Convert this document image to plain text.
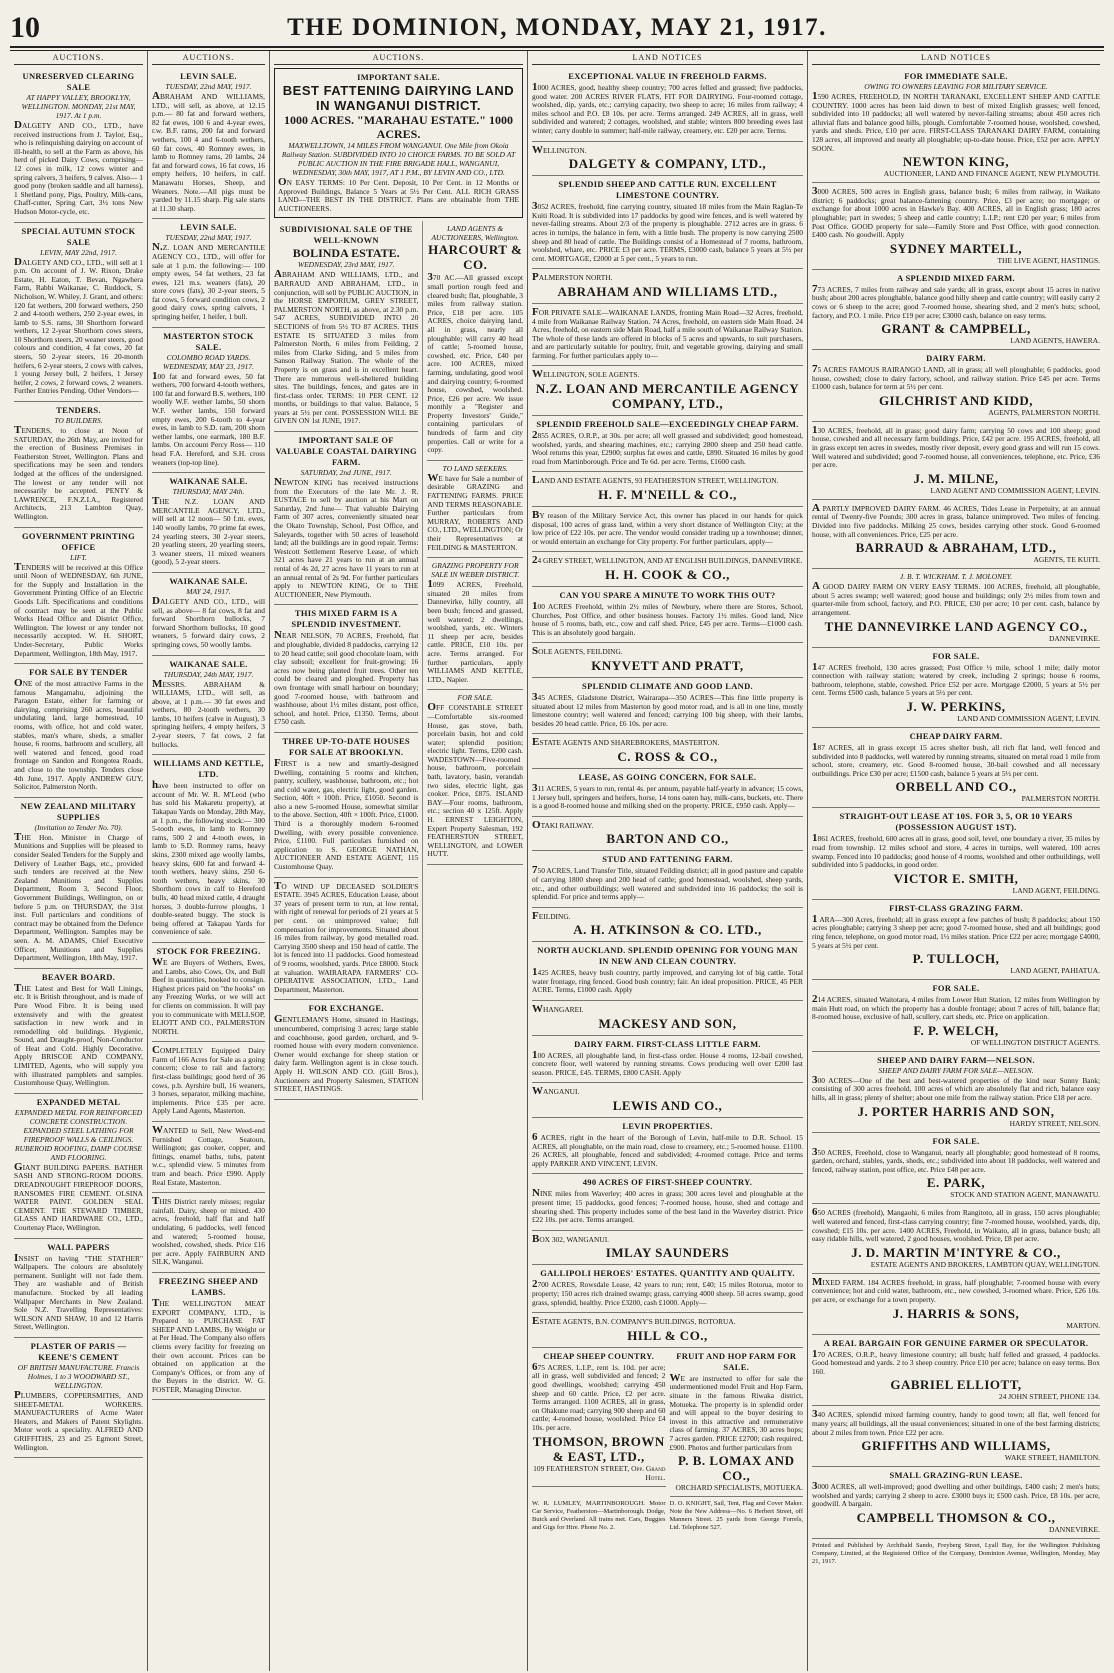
10	THE DOMINION, MONDAY, MAY 21, 1917.
AUCTIONS.
UNRESERVED CLEARING SALE
AT HAPPY VALLEY, BROOKLYN, WELLINGTON. MONDAY, 21st MAY, 1917. At 1 p.m.
DALGETY AND CO., LTD., have received instructions from J. Taylor, Esq., who is relinquishing dairying on account of ill-health, to sell at the Farm as above, his herd of picked Dairy Cows, comprising— 12 cows in milk, 12 cows winter and spring calvers, 3 heifers, 9 calves. Also— 1 good pony (broken saddle and all harness), 1 Shetland pony, Pigs, Poultry, Milk-cans, Chaff-cutter, Spring Cart, 3½ tons New Hudson Motor-cycle, etc.
SPECIAL AUTUMN STOCK SALE
LEVIN, MAY 22nd, 1917.
DALGETY AND CO., LTD., will sell at 1 p.m. On account of J. W. Rixon, Drake Estate, H. Eaton, T. Bevan, Ngawhera Farm, Rabbi Waikanae, C. Ruddock, S. Nicholson, W. Whiley, J. Grant, and others: 120 fat wethers, 200 forward wethers, 250 2 and 4-tooth wethers, 250 2-year ewes, in lamb to S.S. rams, 30 Shorthorn forward wethers, 12 2-year Shorthorn cows steers, 10 Shorthorn steers, 20 weaner steers, good colours and condition, 4 fat cows, 20 fat steers, 50 2-year steers, 16 20-month heifers, 6 2-year steers, 2 cows with calves, 1 young Jersey bull, 2 heifers, 1 Jersey heifer, 2 cows, 2 forward cows, 2 weaners. Further Entries Pending. Other Vendors—
TENDERS.
TO BUILDERS.
TENDERS, to close at Noon of SATURDAY, the 26th May, are invited for the erection of Business Premises in Featherston Street, Wellington. Plans and specifications may be seen and tenders lodged at the offices of the undersigned. The lowest or any tender will not necessarily be accepted. PENTY & LAWRENCE, F.N.Z.I.A., Registered Architects, 213 Lambton Quay, Wellington.
GOVERNMENT PRINTING OFFICE
LIFT.
TENDERS will be received at this Office until Noon of WEDNESDAY, 6th JUNE, for the Supply and Installation in the Government Printing Office of an Electric Goods Lift. Specifications and conditions of contract may be seen at the Public Works Head Office and District Office, Wellington. The lowest or any tender not necessarily accepted. W. H. SHORT, Under-Secretary, Public Works Department, Wellington, 18th May, 1917.
FOR SALE BY TENDER
ONE of the most attractive Farms in the famous Mangamahu, adjoining the Paragon Estate, either for farming or dairying, comprising 260 acres, beautiful undulating land, large homestead, 10 rooms, with office, hot and cold water, stables, man's whare, sheds, a smaller house, 6 rooms, bathroom and scullery, all well watered and fenced, good road frontage on Sandon and Rongotea Roads, and close to the township. Tenders close 4th June, 1917. Apply ANDREW GUY, Solicitor, Palmerston North.
NEW ZEALAND MILITARY SUPPLIES
(Invitation to Tender No. 70).
THE Hon. Minister in Charge of Munitions and Supplies will be pleased to consider Sealed Tenders for the Supply and Delivery of Leather Bags, etc., provided such tenders are received at the New Zealand Munitions and Supplies Department, Room 3, Second Floor, Government Buildings, Wellington, on or before 5 p.m. on THURSDAY, the 31st inst. Full particulars and conditions of contract may be obtained from the Defence Department, Wellington. Samples may be seen. A. M. ADAMS, Chief Executive Officer, Munitions and Supplies Department, Wellington, 18th May, 1917.
BEAVER BOARD.
THE Latest and Best for Wall Linings, etc. It is British throughout, and is made of Pure Wood Fibre. It is being used extensively and with the greatest satisfaction in new work and in remodelling old buildings. Hygienic, Sound, and Draught-proof, Non-Conductor of Heat and Cold. Highly Decorative. Apply BRISCOE AND COMPANY, LIMITED, Agents, who will supply you with illustrated pamphlets and samples. Customhouse Quay, Wellington.
EXPANDED METAL
EXPANDED METAL FOR REINFORCED CONCRETE CONSTRUCTION. EXPANDED STEEL LATHING FOR FIREPROOF WALLS & CEILINGS. RUBEROID ROOFING, DAMP COURSE AND FLOORING.
GIANT BUILDING PAPERS. BATHER SASH AND STRONG-ROOM DOORS. DREADNOUGHT FIREPROOF DOORS, RANSOMES FIRE CEMENT. OLSINA WATER PAINT. GOLDEN SEAL CEMENT. THE STEWARD TIMBER, GLASS AND HARDWARE CO., LTD., Courtenay Place, Wellington.
WALL PAPERS
INSIST on having "THE STATHER" Wallpapers. The colours are absolutely permanent. Sunlight will not fade them. They are washable and of British manufacture. Stocked by all leading Wallpaper Merchants in New Zealand. Sole N.Z. Travelling Representatives: WILSON AND SHAW, 10 and 12 Harris Street, Wellington.
PLASTER OF PARIS — KEENE'S CEMENT
OF BRITISH MANUFACTURE. Francis Holmes, 1 to 3 WOODWARD ST., WELLINGTON.
PLUMBERS, COPPERSMITHS, AND SHEET-METAL WORKERS. MANUFACTURERS of Acme Water Heaters, and Makers of Patent Skylights. Motor work a speciality. ALFRED AND GRIFFITHS, 23 and 25 Egmont Street, Wellington.
AUCTIONS.
LEVIN SALE.
TUESDAY, 22nd MAY, 1917.
ABRAHAM AND WILLIAMS, LTD., will sell, as above, at 12.15 p.m.— 80 fat and forward wethers, 82 fat ewes, 100 6 and 4-year ewes, r.w. B.F. rams, 200 fat and forward wethers, 100 4 and 6-tooth wethers, 60 fat cows, 40 Romney ewes, in lamb to Romney rams, 20 lambs, 24 fat and forward cows, 16 fat cows, 16 empty heifers, 10 heifers, in calf. Manawatu Horses, Sheep, and Weaners. Note.—All pigs must be yarded by 11.15 sharp. Pig sale starts at 11.30 sharp.
LEVIN SALE.
TUESDAY, 22nd MAY, 1917.
N.Z. LOAN AND MERCANTILE AGENCY CO., LTD., will offer for sale at 1 p.m. the following:— 100 empty ewes, 54 fat wethers, 23 fat ewes, 121 m.s. weaners (fats), 20 store cows (fats), 30 2-year steers, 5 fat cows, 5 forward condition cows, 2 good dairy cows, spring calvers, 1 springing heifer, 1 heifer, 1 bull.
MASTERTON STOCK SALE.
COLOMBO ROAD YARDS. WEDNESDAY, MAY 23, 1917.
100 fat and forward ewes, 50 fat wethers, 700 forward 4-tooth wethers, 100 fat and forward B.S. wethers, 100 woolly W.F. wether lambs, 50 shorn W.F. wether lambs, 150 forward empty ewes, 200 6-tooth to 4-year ewes, in lamb to S.D. ram, 200 shorn wether lambs, one earmark, 180 B.F. lambs. On account Percy Ross— 110 head F.A. Hereford, and S.H. cross weaners (top-top line).
WAIKANAE SALE.
THURSDAY, MAY 24th.
THE N.Z. LOAN AND MERCANTILE AGENCY, LTD., will sell at 12 noon— 50 f.m. ewes, 140 woolly lambs, 70 prime fat ewes, 24 yearling steers, 30 2-year steers, 20 yearling steers, 20 yearling steers, 3 weaner steers, 11 mixed weaners (good), 5 2-year steers.
WAIKANAE SALE.
MAY 24, 1917.
DALGETY AND CO., LTD., will sell, as above— 8 fat cows, 8 fat and forward Shorthorn bullocks, 7 forward Shorthorn bullocks, 10 good weaners, 5 forward dairy cows, 2 springing cows, 50 woolly lambs.
WAIKANAE SALE.
THURSDAY, 24th MAY, 1917.
MESSRS. ABRAHAM & WILLIAMS, LTD., will sell, as above, at 1 p.m.— 30 fat ewes and wethers, 80 2-tooth wethers, 30 lambs, 10 heifers (calve in August), 3 springing heifers, 4 empty heifers, 3 2-year steers, 7 fat cows, 2 fat bullocks.
WILLIAMS AND KETTLE, LTD.
have been instructed to offer on account of Mr. W. R. M'Leod (who has sold his Makaretu property), at Takapau Yards on Monday, 28th May, at 1 p.m., the following stock:— 300 5-tooth ewes, in lamb to Romney rams, 500 2 and 4-tooth ewes, in lamb to S.D. Romney rams, heavy skins, 2300 mixed age woolly lambs, heavy skins, 600 fat and forward 4-tooth wethers, heavy skins, 250 6-tooth wethers, heavy skins, 30 Shorthorn cows in calf to Hereford bulls, 40 head mixed cattle, 4 draught horses, 3 double-furrow ploughs, 1 double-seated buggy. The stock is being offered at Takapau Yards for convenience of sale.
STOCK FOR FREEZING.
WE are Buyers of Wethers, Ewes, and Lambs, also Cows, Ox, and Bull Beef in quantities, hooked to consign. Highest prices paid on "the hooks" on any Freezing Works, or we will act for clients on commission. It will pay you to communicate with MELLSOP, ELIOTT AND CO., PALMERSTON NORTH.
COMPLETELY Equipped Dairy Farm of 166 Acres for Sale as a going concern; close to rail and factory; first-class buildings; good herd of 36 cows, p.b. Ayrshire bull, 16 weaners, 3 horses, separator, milking machine, implements. Price £35 per acre. Apply Land Agents, Masterton.
WANTED to Sell, New Weed-end Furnished Cottage, Seatoun, Wellington; gas cooker, copper, and fittings, enamel baths, tubs, patent w.c., splendid view. 5 minutes from tram and beach. Price £990. Apply Real Estate, Masterton.
THIS District rarely misses; regular rainfall. Dairy, sheep or mixed. 430 acres, freehold, half flat and half undulating, 6 paddocks, well fenced and watered; 5-roomed house, woolshed, cowshed, sheds. Price £16 per acre. Apply FAIRBURN AND SILK, Wanganui.
FREEZING SHEEP AND LAMBS.
THE WELLINGTON MEAT EXPORT COMPANY, LTD., is Prepared to PURCHASE FAT SHEEP AND LAMBS, By Weight or at Per Head. The Company also offers clients every facility for freezing on their own account. Prices can be obtained on application at the Company's Offices, or from any of the Buyers in the district. W. G. FOSTER, Managing Director.
AUCTIONS.
IMPORTANT SALE.
BEST FATTENING DAIRYING LAND IN WANGANUI DISTRICT.
1000 ACRES. "MARAHAU ESTATE." 1000 ACRES.
MAXWELLTOWN, 14 MILES FROM WANGANUI. One Mile from Okoia Railway Station. SUBDIVIDED INTO 10 CHOICE FARMS. TO BE SOLD AT PUBLIC AUCTION IN THE FIRE BRIGADE HALL, WANGANUI, WEDNESDAY, 30th MAY, 1917, AT 1 P.M., BY LEVIN AND CO., LTD.
ON EASY TERMS: 10 Per Cent. Deposit, 10 Per Cent. in 12 Months or Approved Buildings, Balance 5 Years at 5½ Per Cent. ALL RICH GRASS LAND—THE BEST IN THE DISTRICT. Plans are obtainable from THE AUCTIONEERS.
SUBDIVISIONAL SALE OF THE WELL-KNOWN
BOLINDA ESTATE.
WEDNESDAY, 23rd MAY, 1917.
ABRAHAM AND WILLIAMS, LTD., and BARRAUD AND ABRAHAM, LTD., in conjunction, will sell by PUBLIC AUCTION, in the HORSE EMPORIUM, GREY STREET, PALMERSTON NORTH, as above, at 2.30 p.m. 547 ACRES, SUBDIVIDED INTO 20 SECTIONS of from 5½ TO 87 ACRES. THIS ESTATE IS SITUATED 3 miles from Palmerston North, 6 miles from Feilding, 2 miles from Clarke Siding, and 5 miles from Sanson Railway Station. The whole of the Property is on grass and is in excellent heart. There are numerous well-sheltered building sites. The buildings, fences, and gates are in first-class order. TERMS: 10 PER CENT. 12 months, or buildings to that value. Balance, 5 years at 5½ per cent. POSSESSION WILL BE GIVEN ON 1st JUNE, 1917.
IMPORTANT SALE OF VALUABLE COASTAL DAIRYING FARM.
SATURDAY, 2nd JUNE, 1917.
NEWTON KING has received instructions from the Executors of the late Mr. J. R. EUSTACE to sell by auction at his Mart on Saturday, 2nd June— That valuable Dairying Farm of 307 acres, conveniently situated near the Okato Township, School, Post Office, and Saleyards, together with 50 acres of leasehold land; all the buildings are in good repair. Terms: Westcott Settlement Reserve Lease, of which 321 acres have 21 years to run at an annual rental of 4s 2d, 27 acres have 11 years to run at an annual rental of 2s 9d. For further particulars apply to NEWTON KING, Or to THE AUCTIONEER, New Plymouth.
THIS MIXED FARM IS A SPLENDID INVESTMENT.
NEAR NELSON, 70 ACRES, Freehold, flat and ploughable, divided 8 paddocks, carrying 12 to 20 head cattle; soil good chocolate loam, with clay subsoil; excellent for fruit-growing; 16 acres now being planted fruit trees. Other ten could be cleared and ploughed. Property has own frontage with small harbour on boundary; good 7-roomed house, with bathroom and washhouse, about 1½ miles distant, post office, school, and hotel. Price, £1350. Terms, about £750 cash.
THREE UP-TO-DATE HOUSES FOR SALE AT BROOKLYN.
FIRST is a new and smartly-designed Dwelling, containing 5 rooms and kitchen, pantry, scullery, washhouse, bathroom, etc.; hot and cold water, gas, electric light, good garden. Section, 40ft × 100ft. Price, £1050. Second is also a new 5-roomed House, somewhat similar to the above. Section, 40ft × 100ft. Price, £1000. Third is a thoroughly modern 6-roomed Dwelling, with every possible convenience. Price, £1100. Full particulars furnished on application to S. GEORGE NATHAN, AUCTIONEER AND ESTATE AGENT, 115 Customhouse Quay.
TO WIND UP DECEASED SOLDIER'S ESTATE. 3945 ACRES, Education Lease, about 37 years of present term to run, at low rental, with right of renewal for periods of 21 years at 5 per cent. on unimproved value; full compensation for improvements. Situated about 16 miles from railway, by good metalled road. Carrying 3500 sheep and 150 head of cattle. The lot is fenced into 11 paddocks. Good homestead of 9 rooms, woolshed, yards. Price £8000. Stock at valuation. WAIRARAPA FARMERS' CO-OPERATIVE ASSOCIATION, LTD., Land Department, Masterton.
FOR EXCHANGE.
GENTLEMAN'S Home, situated in Hastings, unencumbered, comprising 3 acres; large stable and coachhouse, good garden, orchard, and 9-roomed house with every modern convenience. Owner would exchange for sheep station or dairy farm. Wellington agent is in close touch. Apply H. WILSON AND CO. (Gill Bros.), Auctioneers and Property Salesmen, STATION STREET, HASTINGS.
LAND AGENTS & AUCTIONEERS, Wellington.
HARCOURT & CO.
370 AC.—All grassed except small portion rough feed and cleared bush; flat, ploughable, 3 miles from railway station. Price, £18 per acre. 105 ACRES, choice dairying land, all in grass, nearly all ploughable; will carry 40 head of cattle; 5-roomed house, cowshed, etc. Price, £40 per acre. 100 ACRES, mixed farming, undulating, good wool and dairying country; 6-roomed house, cowshed, woolshed. Price, £26 per acre. We issue monthly a "Register and Property Investors' Guide," containing particulars of hundreds of farm and city properties. Call or write for a copy.
TO LAND SEEKERS.
WE have for Sale a number of desirable GRAZING and FATTENING FARMS. PRICE AND TERMS REASONABLE. Further particulars from MURRAY, ROBERTS AND CO., LTD., WELLINGTON; Or their Representatives at FEILDING & MASTERTON.
GRAZING PROPERTY FOR SALE IN WEBER DISTRICT.
1099 ACRES, Freehold, situated 20 miles from Dannevirke, hilly country, all been bush; fenced and grassed, well watered; 2 dwellings, woolshed, yards, etc. Winters 11 sheep per acre, besides cattle. PRICE, £10 10s. per acre. Terms arranged. For further particulars, apply WILLIAMS AND KETTLE, LTD., Napier.
FOR SALE.
OFF CONSTABLE STREET—Comfortable six-roomed House, gas stove, bath, porcelain basin, hot and cold water; splendid position; electric light. Terms, £200 cash. WADESTOWN—Five-roomed house, bathroom, porcelain bath, lavatory, basin, verandah two sides, electric light, gas cooker. Price, £875. ISLAND BAY—Four rooms, bathroom, etc.; section 40 x 125ft. Apply H. ERNEST LEIGHTON, Expert Property Salesman, 192 FEATHERSTON STREET, WELLINGTON, and LOWER HUTT.
LAND NOTICES
EXCEPTIONAL VALUE IN FREEHOLD FARMS.
1000 ACRES, good, healthy sheep country; 700 acres felled and grassed; five paddocks, good water. 200 ACRES RIVER FLATS, FIT FOR DAIRYING. Four-roomed cottage, woolshed, dip, yards, etc.; carrying capacity, two sheep to acre; 16 miles from railway; 4 miles school and P.O. £8 10s. per acre. Terms arranged. 249 ACRES, all in grass, well subdivided and watered; 2 cottages, woolshed, and stable; winters 800 breeding ewes last winter; carry double in summer; half-mile railway, creamery, etc. £20 per acre. Terms.
WELLINGTON.
DALGETY & COMPANY, LTD.,
SPLENDID SHEEP AND CATTLE RUN. EXCELLENT LIMESTONE COUNTRY.
3052 ACRES, freehold, fine carrying country, situated 18 miles from the Main Raglan-Te Kuiti Road. It is subdivided into 17 paddocks by good wire fences, and is well watered by never-failing streams. About 2/3 of the property is ploughable. 2712 acres are in grass. 6 acres in turnips, the balance in fern, with a little bush. The property is now carrying 2500 sheep and 80 head of cattle. The Buildings consist of a Homestead of 7 rooms, bathroom, woolshed, whare, etc. PRICE £3 per acre. TERMS, £3000 cash, balance 5 years at 5½ per cent. MORTGAGE, £2000 at 5 per cent., 5 years to run.
PALMERSTON NORTH.
ABRAHAM AND WILLIAMS LTD.,
FOR PRIVATE SALE—WAIKANAE LANDS, fronting Main Road—32 Acres, freehold, 4 mile from Waikanae Railway Station. 74 Acres, freehold, on eastern side Main Road. 24 Acres, freehold, on eastern side Main Road, half a mile south of Waikanae Railway Station. The whole of these lands are offered in blocks of 5 acres and upwards, to suit purchasers, and are particularly suitable for poultry, fruit, and vegetable growing, dairying and small farming. For further particulars apply to—
WELLINGTON, SOLE AGENTS.
N.Z. LOAN AND MERCANTILE AGENCY COMPANY, LTD.,
SPLENDID FREEHOLD SALE—EXCEEDINGLY CHEAP FARM.
2855 ACRES, O.R.P., at 30s. per acre; all well grassed and subdivided; good homestead, woolshed, yards, and shearing machines, etc.; carrying 2800 sheep and 250 head cattle. Wool returns this year, £2900; surplus fat ewes and cattle, £890. Situated 16 miles by good road from Martinborough. Price and Te 6d. per acre. Terms, £1600 cash.
LAND AND ESTATE AGENTS, 93 FEATHERSTON STREET, WELLINGTON.
H. F. M'NEILL & CO.,
BY reason of the Military Service Act, this owner has placed in our hands for quick disposal, 100 acres of grass land, within a very short distance of Wellington City; at the low price of £22 10s. per acre. The vendor would consider trading up a townhouse; dinner, or would entertain an exchange for City property. For further particulars, apply—
24 GREY STREET, WELLINGTON, AND AT ENGLISH BUILDINGS, DANNEVIRKE.
H. H. COOK & CO.,
CAN YOU SPARE A MINUTE TO WORK THIS OUT?
100 ACRES Freehold, within 2½ miles of Newbury, where there are Stores, School, Churches, Post Office, and other business houses. Factory 1½ miles. Good land, Nice house of 5 rooms, bath, etc., cow and calf shed. Price, £45 per acre. Terms—£1000 cash. This is an absolutely good bargain.
SOLE AGENTS, FEILDING.
KNYVETT AND PRATT,
SPLENDID CLIMATE AND GOOD LAND.
345 ACRES, Gladstone District, Wairarapa—350 ACRES—This fine little property is situated about 12 miles from Masterton by good motor road, and is all in one line, mostly limestone country; well watered and fenced; carrying 100 big sheep, with their lambs, besides 20 head cattle. Price, £6 10s. per acre.
ESTATE AGENTS AND SHAREBROKERS, MASTERTON.
C. ROSS & CO.,
LEASE, AS GOING CONCERN, FOR SALE.
311 ACRES, 5 years to run, rental 4s. per annum, payable half-yearly in advance; 15 cows, 1 Jersey bull, springers and heifers, horse, 14 tons oaten hay, milk-cans, buckets, etc. There is a good 8-roomed house and milking shed on the property. PRICE, £950 cash. Apply—
OTAKI RAILWAY.
BARTON AND CO.,
STUD AND FATTENING FARM.
750 ACRES, Land Transfer Title, situated Feilding district; all in good pasture and capable of carrying 1800 sheep and 200 head of cattle; good homestead, woolshed, sheep yards, etc., and other outbuildings; well watered and subdivided into 16 paddocks; the soil is splendid. For price and terms apply—
FEILDING.
A. H. ATKINSON & CO. LTD.,
NORTH AUCKLAND. SPLENDID OPENING FOR YOUNG MAN IN NEW AND CLEAN COUNTRY.
1425 ACRES, heavy bush country, partly improved, and carrying lot of big cattle. Total water frontage, ring fenced. Good bush country; fair. An ideal proposition. PRICE, 45 PER ACRE. Terms, £1000 cash. Apply
WHANGAREI.
MACKESY AND SON,
DAIRY FARM. FIRST-CLASS LITTLE FARM.
100 ACRES, all ploughable land, in first-class order. House 4 rooms, 12-bail cowshed, concrete floor, well watered by running streams. Cows producing well over £200 last season. PRICE, £45. TERMS, £800 CASH. Apply
WANGANUI.
LEWIS AND CO.,
LEVIN PROPERTIES.
6 ACRES, right in the heart of the Borough of Levin, half-mile to D.R. School. 15 ACRES, all ploughable, on the main road, close to creamery, etc.; 5-roomed house. £1100. 26 ACRES, all ploughable, fenced and subdivided; 4-roomed cottage. Price and terms apply PARKER AND VINCENT, LEVIN.
490 ACRES OF FIRST-SHEEP COUNTRY.
NINE miles from Waverley; 400 acres in grass; 300 acres level and ploughable at the present time; 15 paddocks, good fences; 7-roomed house, house, shed and cottage and shearing shed. This property includes some of the best land in the Waverley district. Price £22 10s. per acre. Terms arranged.
BOX 302, WANGANUI.
IMLAY SAUNDERS
GALLIPOLI HEROES' ESTATES. QUANTITY AND QUALITY.
2700 ACRES, Rowsdale Lease, 42 years to run; rent, £40; 15 miles Rotorua, motor to property; 150 acres rich drained swamp; grass, carrying 4000 sheep. 50 acres swamp, good grass, splendid, healthy. Price £3200, cash £1000. Apply—
ESTATE AGENTS, B.N. COMPANY'S BUILDINGS, ROTORUA.
HILL & CO.,
CHEAP SHEEP COUNTRY.
675 ACRES, L.I.P., rent 1s. 10d. per acre; all in grass, well subdivided and fenced; 2 good dwellings, woolshed; carrying 450 sheep and 60 cattle. Price, £2 per acre. Terms arranged. 1100 ACRES, all in grass, on Ohakune road; carrying 900 sheep and 60 cattle; 4-roomed house, woolshed. Price £4 10s. per acre.
THOMSON, BROWN & EAST, LTD.,
109 FEATHERSTON STREET, Opp. Grand Hotel.
FRUIT AND HOP FARM FOR SALE.
WE are instructed to offer for sale the undermentioned model Fruit and Hop Farm, situate in the famous Riwaka district, Motueka. The property is in splendid order and will appeal to the buyer desiring to invest in this attractive and remunerative class of farming. 37 ACRES, 30 acres hops; 7 acres garden. PRICE £2700; cash required, £900. Photos and further particulars from
P. B. LOMAX AND CO.,
ORCHARD SPECIALISTS, MOTUEKA.
W. R. LUMLEY, MARTINBOROUGH. Motor Car Service, Featherston—Martinborough. Dodge, Buick and Overland. All trains met. Cars, Buggies and Gigs for Hire. Phone No. 2.
D. O. KNIGHT, Sail, Tent, Flag and Cover Maker. Note the New Address—No. 6 Herbert Street, off Manners Street. 25 yards from George Forrels, Ltd. Telephone 527.
LAND NOTICES
FOR IMMEDIATE SALE.
OWING TO OWNERS LEAVING FOR MILITARY SERVICE.
1590 ACRES, FREEHOLD, IN NORTH TARANAKI, EXCELLENT SHEEP AND CATTLE COUNTRY. 1000 acres has been laid down to best of mixed English grasses; well fenced, subdivided into 10 paddocks; all well watered by never-failing streams; about 450 acres rich alluvial flats and balance good hills, plough. Comfortable 7-roomed house, woolshed, cowshed, yards and sheds. Price, £10 per acre. FIRST-CLASS TARANAKI DAIRY FARM, containing 128 acres, all improved and nearly all ploughable; up-to-date house. Price, £52 per acre. APPLY SOON.
NEWTON KING,
AUCTIONEER, LAND AND FINANCE AGENT, NEW PLYMOUTH.
3000 ACRES, 500 acres in English grass, balance bush; 6 miles from railway, in Waikato district; 6 paddocks; great balance-fattening country. Price, £3 per acre; no mortgage; or exchange for about 1000 acres in Hawke's Bay. 400 ACRES, all in English grass; 180 acres ploughable; part in swedes; 5 sheep and cattle country; L.I.P.; rent £20 per year; 6 miles from Post Office. GOOD property for sale—Family Store and Post Office, with good connection. £400 cash. No goodwill. Apply
SYDNEY MARTELL,
THE LIVE AGENT, HASTINGS.
A SPLENDID MIXED FARM.
773 ACRES, 7 miles from railway and sale yards; all in grass, except about 15 acres in native bush; about 200 acres ploughable, balance good hilly sheep and cattle country; will easily carry 2 cows or 6 sheep to the acre; good 7-roomed house, shearing shed, and 2 men's huts; school, factory, and P.O. 1 mile. Price £19 per acre; £3000 cash, balance on easy terms.
GRANT & CAMPBELL,
LAND AGENTS, HAWERA.
DAIRY FARM.
75 ACRES FAMOUS RAIRANGO LAND, all in grass; all well ploughable; 6 paddocks, good house, cowshed; close to dairy factory, school, and railway station. Price £45 per acre. Terms £1000 cash, balance for term at 5½ per cent.
GILCHRIST AND KIDD,
AGENTS, PALMERSTON NORTH.
130 ACRES, freehold, all in grass; good dairy farm; carrying 50 cows and 100 sheep; good house, cowshed and all necessary farm buildings. Price, £42 per acre. 195 ACRES, freehold, all in grass except ten acres in swedes, mostly river deposit, every good grass and will run 15 cows. Well watered and subdivided; good 7-roomed house, all conveniences, telephone, etc. Price, £36 per acre.
J. M. MILNE,
LAND AGENT AND COMMISSION AGENT, LEVIN.
A PARTLY IMPROVED DAIRY FARM. 46 ACRES, Tides Lease in Perpetuity, at an annual rental of Twenty-five Pounds; 300 acres in grass, balance unimproved. Two miles of fencing. Divided into five paddocks. Milking 25 cows, besides carrying other stock. Good 6-roomed house, with all conveniences. Price, £25 per acre.
BARRAUD & ABRAHAM, LTD.,
AGENTS, TE KUITI.
J. B. T. WICKHAM. T. J. MOLONEY.
A GOOD DAIRY FARM ON VERY EASY TERMS. 100 ACRES, freehold, all ploughable, about 5 acres swamp; well watered; good house and buildings; only 2½ miles from town and quarter-mile from school, factory, and P.O. PRICE, £30 per acre; 10 per cent. cash, balance by arrangement.
THE DANNEVIRKE LAND AGENCY CO.,
DANNEVIRKE.
FOR SALE.
147 ACRES freehold, 130 acres grassed; Post Office ½ mile, school 1 mile; daily motor connection with railway station; watered by creek, including 2 springs; house 6 rooms, bathroom, telephone, stable, cowshed. Price £52 per acre. Mortgage £2000, 5 years at 5½ per cent. Terms £500 cash, balance 5 years at 5½ per cent.
J. W. PERKINS,
LAND AND COMMISSION AGENT, LEVIN.
CHEAP DAIRY FARM.
187 ACRES, all in grass except 15 acres shelter bush, all rich flat land, well fenced and subdivided into 8 paddocks, well watered by running streams, situated on metal road 1 mile from school, store, creamery, etc. Good 8-roomed house, 30-bail cowshed and all necessary outbuildings. Price £30 per acre; £1500 cash, balance 5 years at 5½ per cent.
ORBELL AND CO.,
PALMERSTON NORTH.
STRAIGHT-OUT LEASE AT 10S. FOR 3, 5, OR 10 YEARS (POSSESSION AUGUST 1ST).
1861 ACRES, freehold, 600 acres all in grass, good soil, level, one boundary a river, 35 miles by road from township. 12 miles school and store, 4 acres in turnips, well watered, 100 acres swamp. Fenced into 10 paddocks; good house of 4 rooms, woolshed and other outbuildings, well subdivided into 5 paddocks, in good order.
VICTOR E. SMITH,
LAND AGENT, FEILDING.
FIRST-CLASS GRAZING FARM.
1 ARA—300 Acres, freehold; all in grass except a few patches of bush; 8 paddocks; about 150 acres ploughable; carrying 3 sheep per acre; good 7-roomed house, shed and all buildings; good ring fence, telephone, on good motor road, 1½ miles station. Price £22 per acre; mortgage £4000, 5 years at 5½ per cent.
P. TULLOCH,
LAND AGENT, PAHIATUA.
FOR SALE.
214 ACRES, situated Waitotara, 4 miles from Lower Hutt Station, 12 miles from Wellington by main Hutt road, on which the property has a double frontage; about 7 acres of hill, balance flat; 8-roomed house, exclusive of hall, scullery, cart sheds, etc. Price on application.
F. P. WELCH,
OF WELLINGTON DISTRICT AGENTS.
SHEEP AND DAIRY FARM—NELSON.
SHEEP AND DAIRY FARM FOR SALE—NELSON.
300 ACRES—One of the best and best-watered properties of the kind near Sunny Bank; consisting of 300 acres freehold, 100 acres of which are absolutely flat and rich, balance easy hills, all in grass; plenty of shelter; about one mile from the railway station. Price £18 per acre.
J. PORTER HARRIS AND SON,
HARDY STREET, NELSON.
FOR SALE.
350 ACRES, Freehold, close to Wanganui, nearly all ploughable; good homestead of 8 rooms, garden, orchard, stables, yards, sheds, etc.; subdivided into about 18 paddocks, well watered and fenced, railway station, post office, etc. Price £48 per acre.
E. PARK,
STOCK AND STATION AGENT, MANAWATU.
650 ACRES (freehold), Mangaohi, 6 miles from Rangitoto, all in grass, 150 acres ploughable; well watered and fenced, first-class carrying country; fine 7-roomed house, woolshed, yards, dip, cowshed; £15 10s. per acre. 1400 ACRES, Freehold, in Waikato, all in grass, balance bush; all easy ridable hills, well watered, 2 good houses, woolshed. Price, £8 per acre.
J. D. MARTIN M'INTYRE & CO.,
ESTATE AGENTS AND BROKERS, LAMBTON QUAY, WELLINGTON.
MIXED FARM. 184 ACRES freehold, in grass, half ploughable; 7-roomed house with every convenience; hot and cold water, bathroom, etc., new cowshed, 3-roomed whare. Price, £26 10s. per acre, or exchange for a town property.
J. HARRIS & SONS,
MARTON.
A REAL BARGAIN FOR GENUINE FARMER OR SPECULATOR.
170 ACRES, O.R.P., heavy limestone country; all bush; half felled and grassed, 4 paddocks. Good homestead and yards. 2 to 3 sheep country. Price £10 per acre; balance on easy terms. Box 160.
GABRIEL ELLIOTT,
24 JOHN STREET, PHONE 134.
340 ACRES, splendid mixed farming country, handy to good town; all flat, well fenced for many years; all buildings, all the usual conveniences; situated in one of the best farming districts; about 2 miles from town. Price £22 per acre.
GRIFFITHS AND WILLIAMS,
WAKE STREET, HAMILTON.
SMALL GRAZING-RUN LEASE.
3000 ACRES, all well-improved; good dwelling and other buildings, £400 cash; 2 men's huts; woolshed and yards; carrying 2 sheep to acre. £3000 buys it; £500 cash. Price, £8 10s. per acre, goodwill. A bargain.
CAMPBELL THOMSON & CO.,
DANNEVIRKE.
Printed and Published by Archibald Sando, Freyberg Street, Lyall Bay, for the Wellington Publishing Company, Limited, at the Registered Office of the Company, Dominion Avenue, Wellington, Monday, May 21, 1917.
